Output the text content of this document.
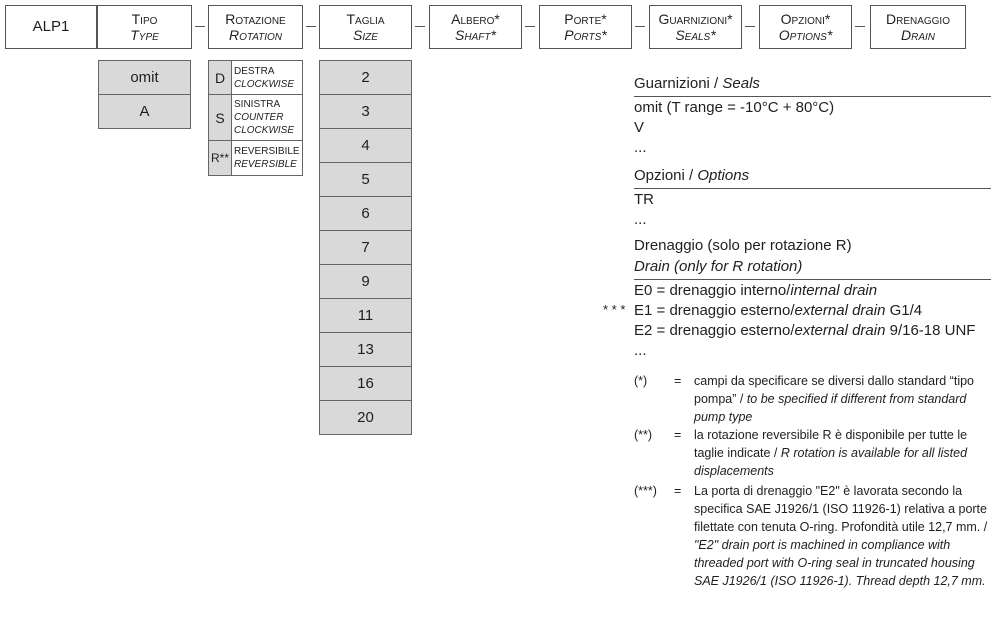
ALP1	Tipo
Type
Rotazione
Rotation
Taglia
Size
Albero*
Shaft*
Porte*
Ports*
Guarnizioni*
Seals*
Opzioni*
Options*
Drenaggio
Drain
omit
A
D DESTRA
CLOCKWISE
S
SINISTRA
COUNTER
CLOCKWISE
R** REVERSIBILE
REVERSIBLE
2
3
4
5
6
7
9
11
13
16
20
Guarnizioni / Seals
omit (T range = -10°C + 80°C)
V
...
Opzioni / Options
TR
...
Drenaggio (solo per rotazione R)
Drain (only for R rotation)
E0 = drenaggio interno/internal drain
* * * E1 = drenaggio esterno/external drain G1/4
E2 = drenaggio esterno/external drain 9/16-18 UNF
...
(*) = campi da specificare se diversi dallo standard “tipo pompa” / to be specified if different from standard pump type
(**) = la rotazione reversibile R è disponibile per tutte le taglie indicate / R rotation is available for all listed displacements
(***) = La porta di drenaggio "E2" è lavorata secondo la specifica SAE J1926/1 (ISO 11926-1) relativa a porte filettate con tenuta O-ring. Profondità utile 12,7 mm. / "E2" drain port is machined in compliance with threaded port with O-ring seal in truncated housing SAE J1926/1 (ISO 11926-1). Thread depth 12,7 mm.
